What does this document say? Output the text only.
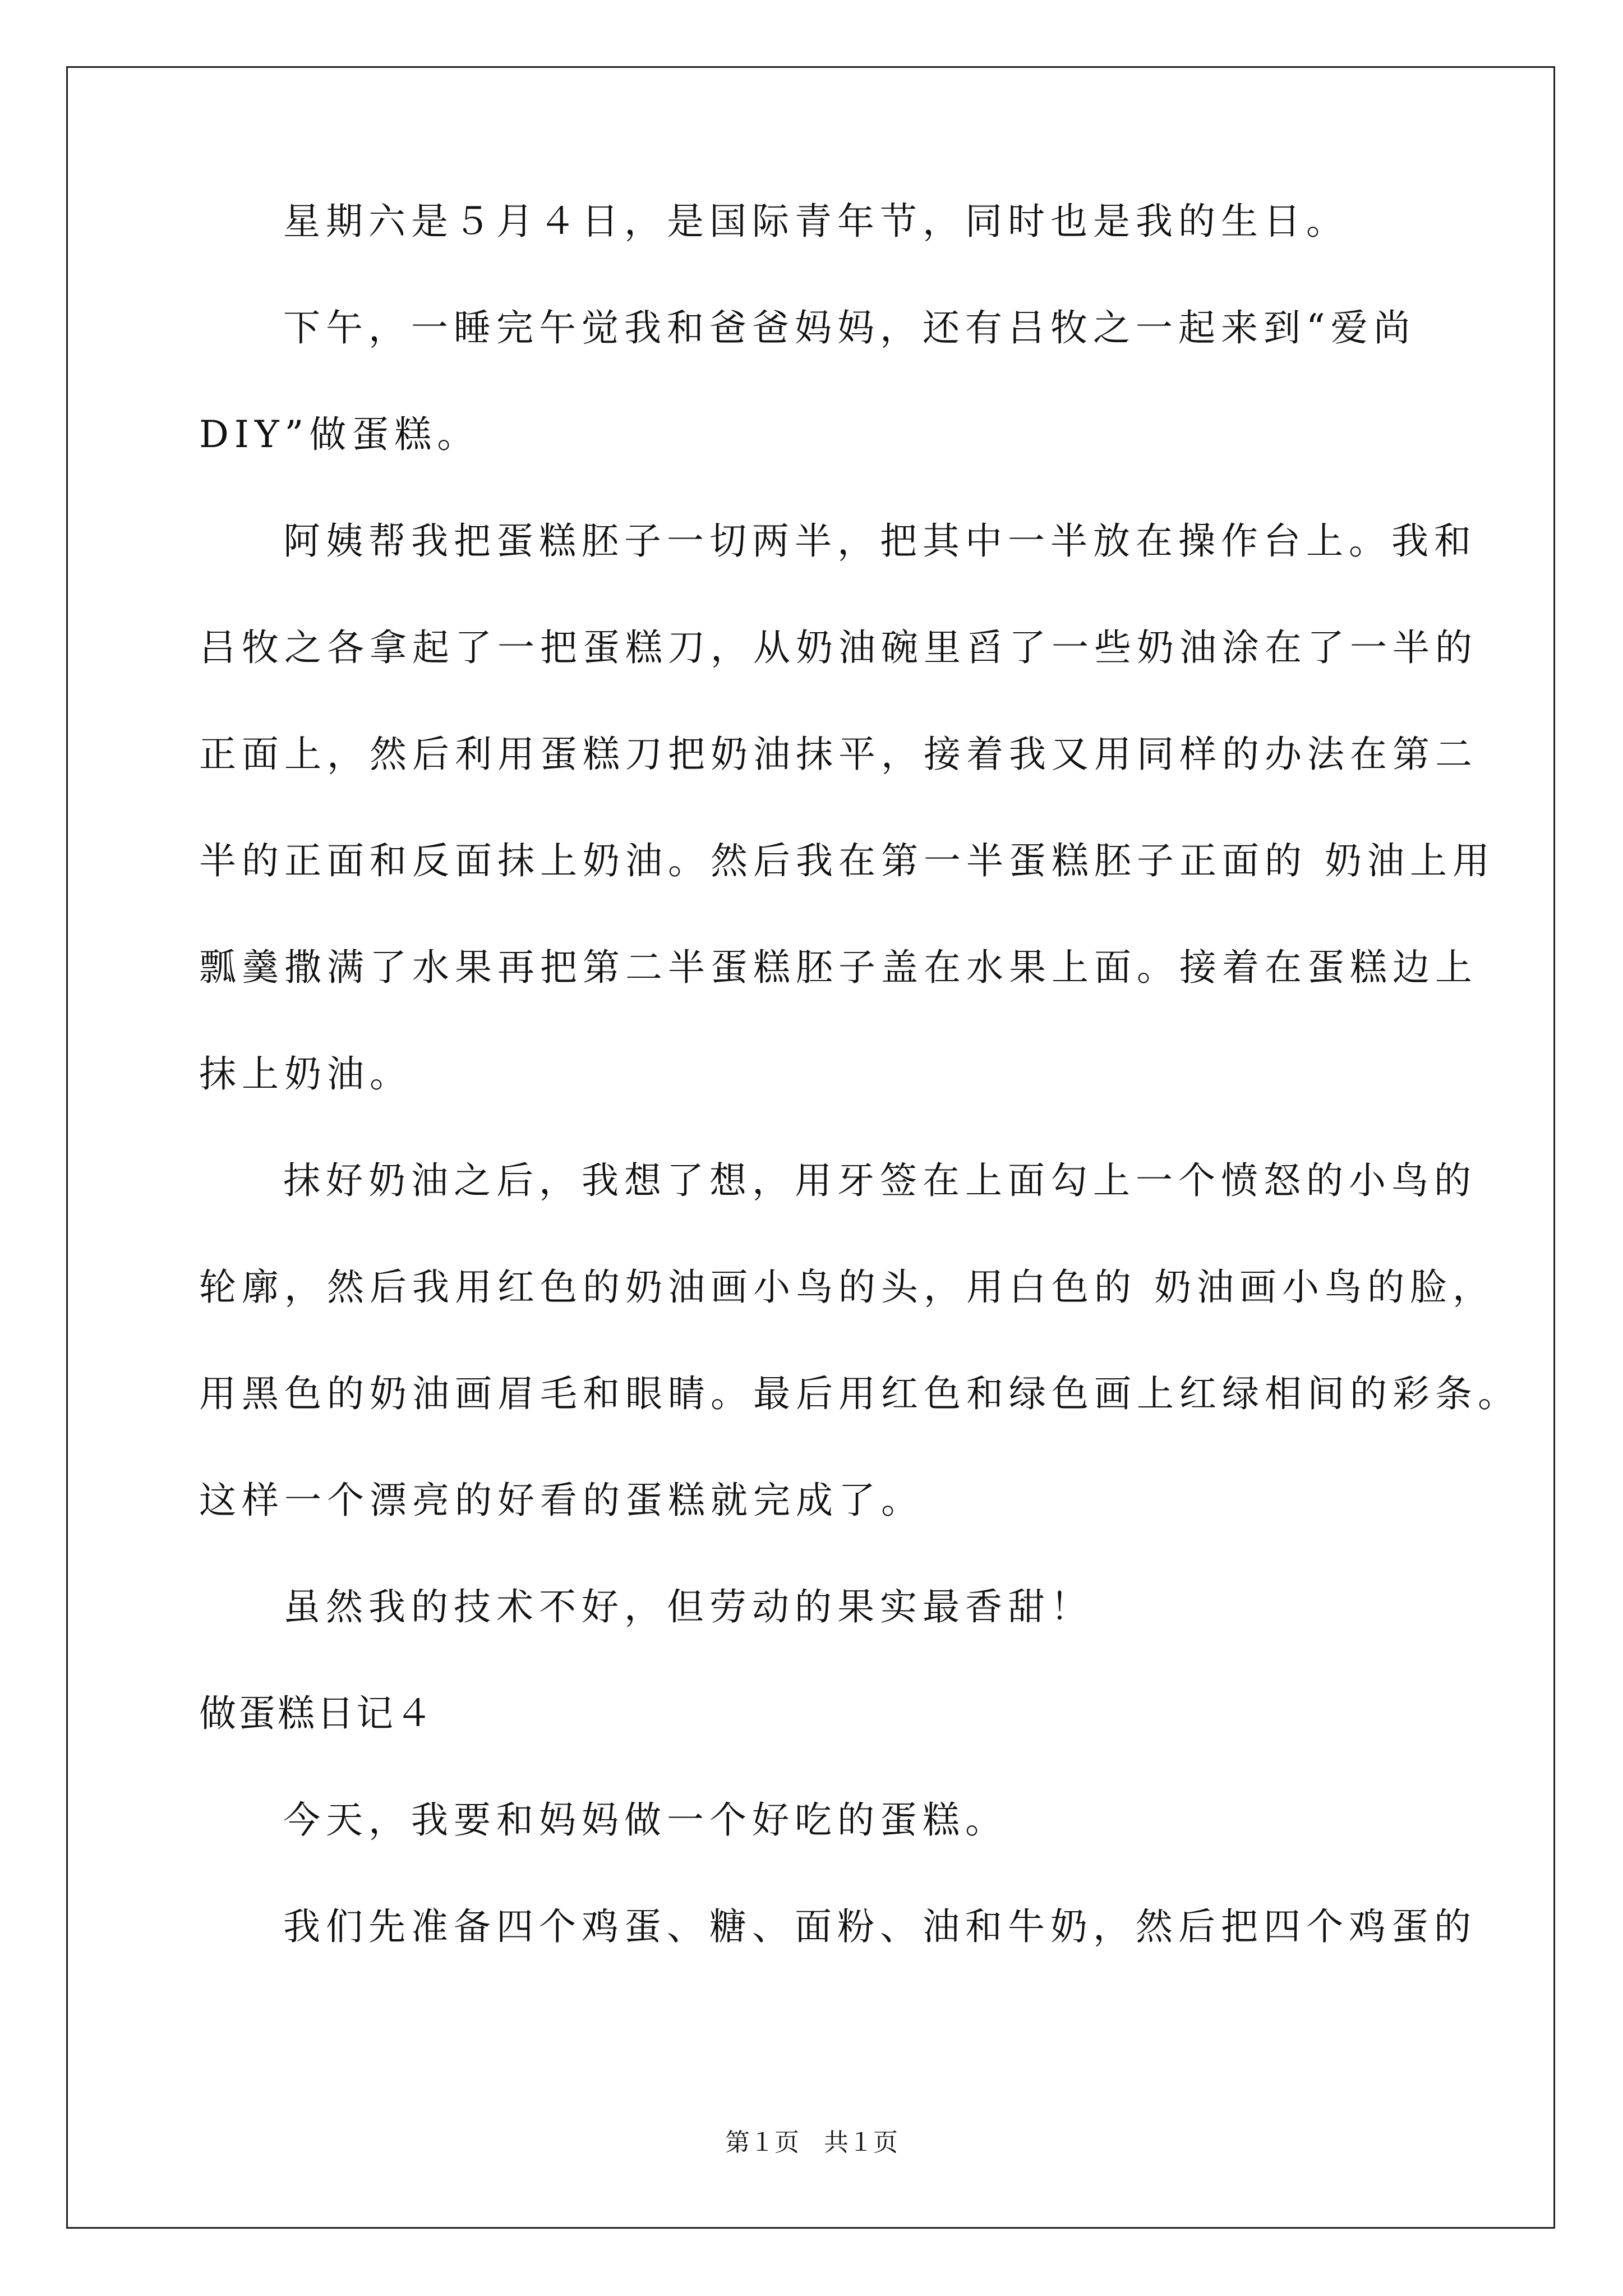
星期六是５月４日，是国际青年节，同时也是我的生日。
下午，一睡完午觉我和爸爸妈妈，还有吕牧之一起来到“爱尚
DIY”做蛋糕。
阿姨帮我把蛋糕胚子一切两半，把其中一半放在操作台上。我和
吕牧之各拿起了一把蛋糕刀，从奶油碗里舀了一些奶油涂在了一半的
正面上，然后利用蛋糕刀把奶油抹平，接着我又用同样的办法在第二
半的正面和反面抹上奶油。然后我在第一半蛋糕胚子正面的 奶油上用
瓢羹撒满了水果再把第二半蛋糕胚子盖在水果上面。接着在蛋糕边上
抹上奶油。
抹好奶油之后，我想了想，用牙签在上面勾上一个愤怒的小鸟的
轮廓，然后我用红色的奶油画小鸟的头，用白色的 奶油画小鸟的脸，
用黑色的奶油画眉毛和眼睛。最后用红色和绿色画上红绿相间的彩条。
这样一个漂亮的好看的蛋糕就完成了。
虽然我的技术不好，但劳动的果实最香甜！
做蛋糕日记４
今天，我要和妈妈做一个好吃的蛋糕。
我们先准备四个鸡蛋、糖、面粉、油和牛奶，然后把四个鸡蛋的
第１页　共１页
